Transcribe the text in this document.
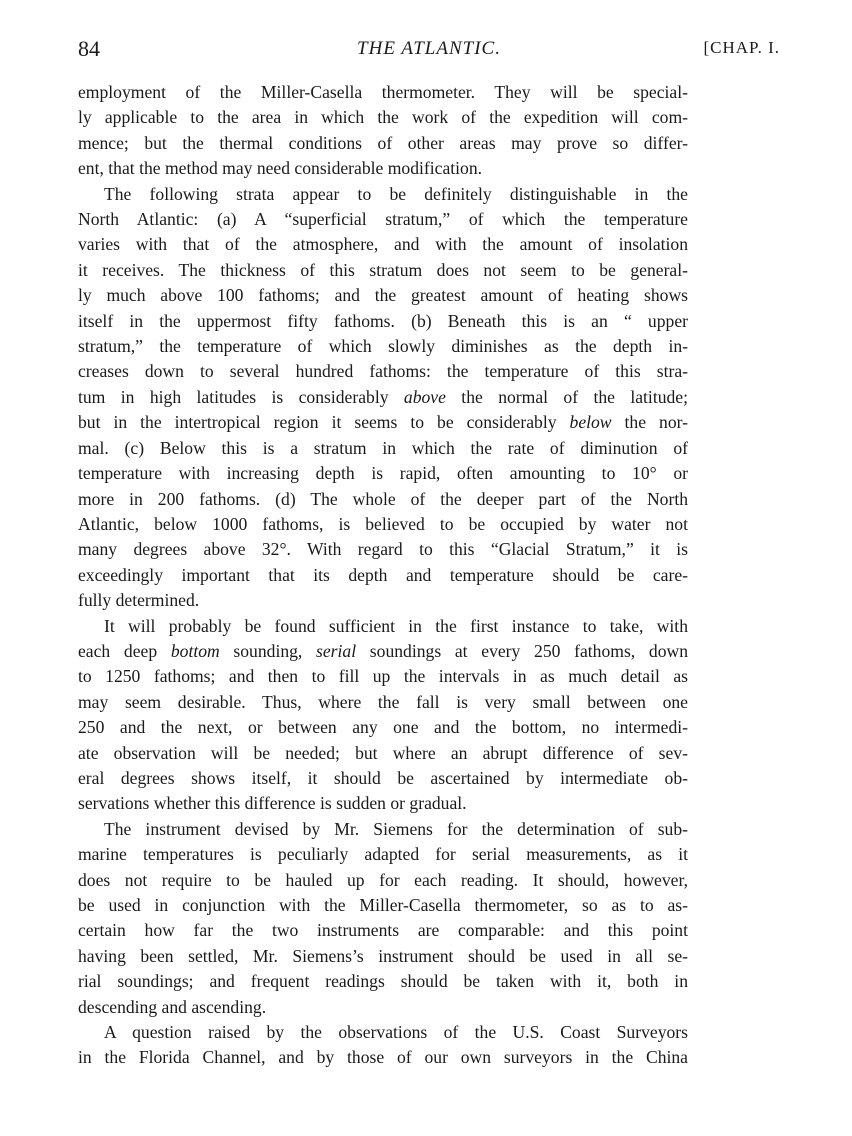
84	THE ATLANTIC.	[CHAP. I.
employment of the Miller-Casella thermometer. They will be special-
ly applicable to the area in which the work of the expedition will com-
mence; but the thermal conditions of other areas may prove so differ-
ent, that the method may need considerable modification.
The following strata appear to be definitely distinguishable in the
North Atlantic: (a) A “superficial stratum,” of which the temperature
varies with that of the atmosphere, and with the amount of insolation
it receives. The thickness of this stratum does not seem to be general-
ly much above 100 fathoms; and the greatest amount of heating shows
itself in the uppermost fifty fathoms. (b) Beneath this is an “ upper
stratum,” the temperature of which slowly diminishes as the depth in-
creases down to several hundred fathoms: the temperature of this stra-
tum in high latitudes is considerably above the normal of the latitude;
but in the intertropical region it seems to be considerably below the nor-
mal. (c) Below this is a stratum in which the rate of diminution of
temperature with increasing depth is rapid, often amounting to 10° or
more in 200 fathoms. (d) The whole of the deeper part of the North
Atlantic, below 1000 fathoms, is believed to be occupied by water not
many degrees above 32°. With regard to this “Glacial Stratum,” it is
exceedingly important that its depth and temperature should be care-
fully determined.
It will probably be found sufficient in the first instance to take, with
each deep bottom sounding, serial soundings at every 250 fathoms, down
to 1250 fathoms; and then to fill up the intervals in as much detail as
may seem desirable. Thus, where the fall is very small between one
250 and the next, or between any one and the bottom, no intermedi-
ate observation will be needed; but where an abrupt difference of sev-
eral degrees shows itself, it should be ascertained by intermediate ob-
servations whether this difference is sudden or gradual.
The instrument devised by Mr. Siemens for the determination of sub-
marine temperatures is peculiarly adapted for serial measurements, as it
does not require to be hauled up for each reading. It should, however,
be used in conjunction with the Miller-Casella thermometer, so as to as-
certain how far the two instruments are comparable: and this point
having been settled, Mr. Siemens’s instrument should be used in all se-
rial soundings; and frequent readings should be taken with it, both in
descending and ascending.
A question raised by the observations of the U.S. Coast Surveyors
in the Florida Channel, and by those of our own surveyors in the China
